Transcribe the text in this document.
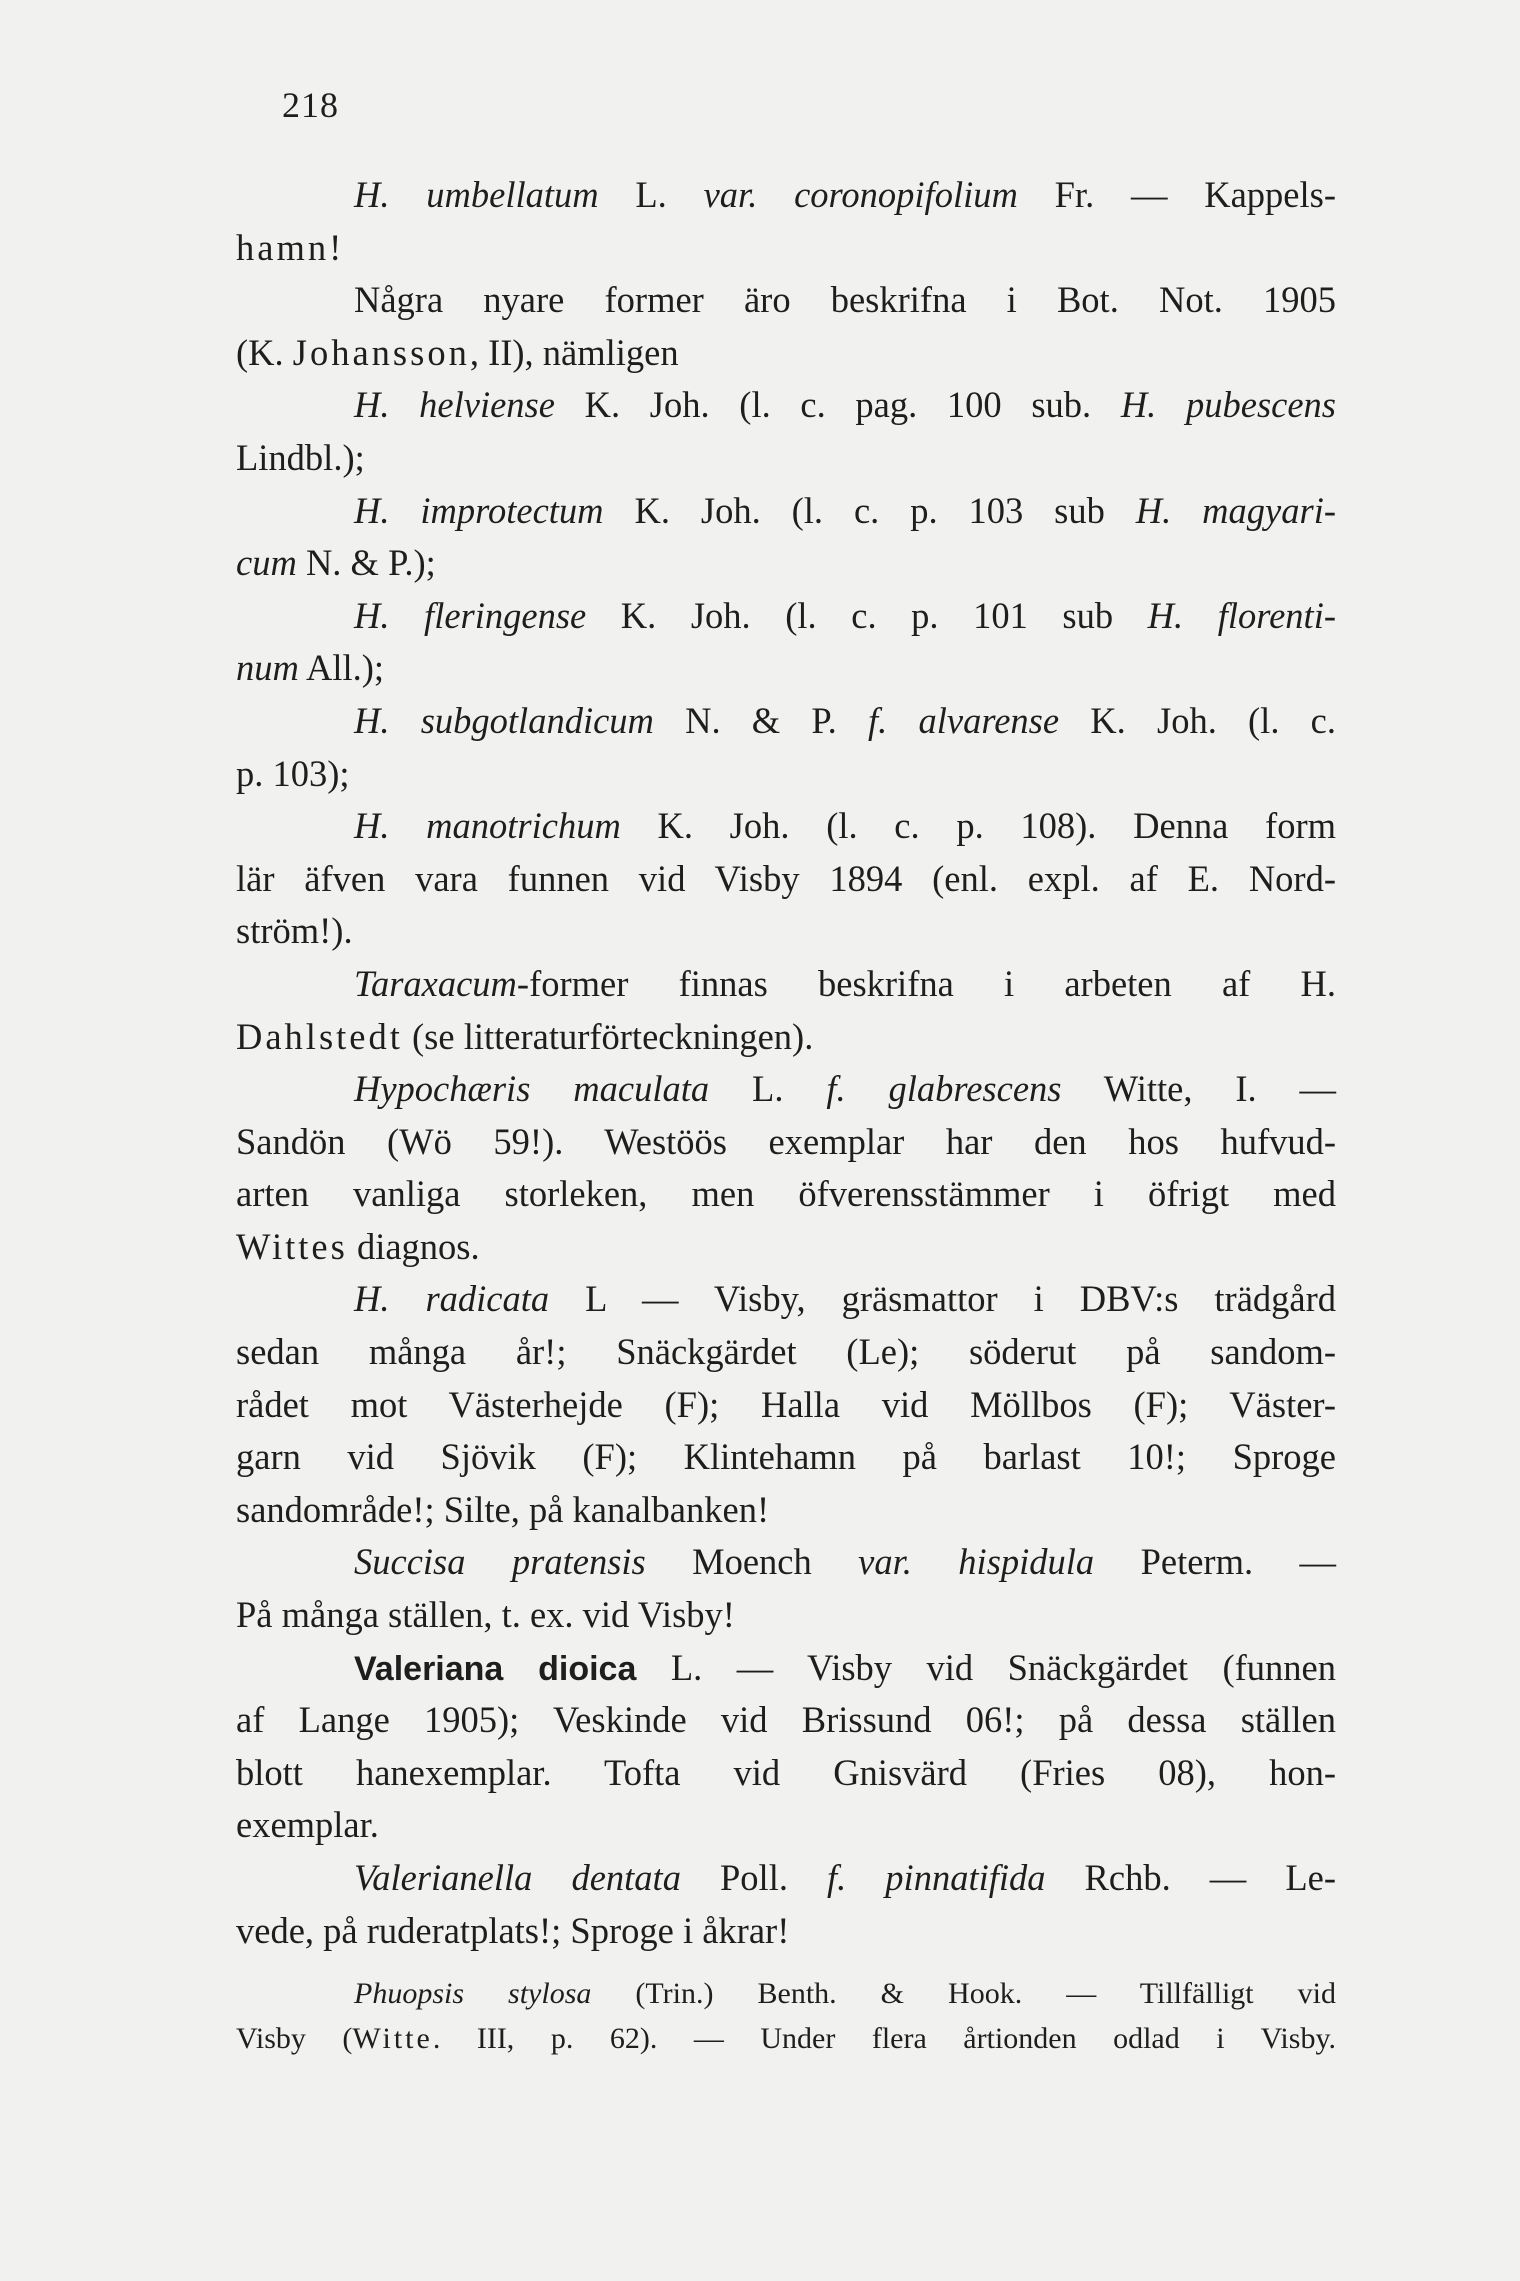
218
H. umbellatum L. var. coronopifolium Fr. — Kappels-
hamn!
Några nyare former äro beskrifna i Bot. Not. 1905
(K. Johansson, II), nämligen
H. helviense K. Joh. (l. c. pag. 100 sub. H. pubescens
Lindbl.);
H. improtectum K. Joh. (l. c. p. 103 sub H. magyari-
cum N. & P.);
H. fleringense K. Joh. (l. c. p. 101 sub H. florenti-
num All.);
H. subgotlandicum N. & P. f. alvarense K. Joh. (l. c.
p. 103);
H. manotrichum K. Joh. (l. c. p. 108). Denna form
lär äfven vara funnen vid Visby 1894 (enl. expl. af E. Nord-
ström!).
Taraxacum-former finnas beskrifna i arbeten af H.
Dahlstedt (se litteraturförteckningen).
Hypochæris maculata L. f. glabrescens Witte, I. —
Sandön (Wö 59!). Westöös exemplar har den hos hufvud-
arten vanliga storleken, men öfverensstämmer i öfrigt med
Wittes diagnos.
H. radicata L — Visby, gräsmattor i DBV:s trädgård
sedan många år!; Snäckgärdet (Le); söderut på sandom-
rådet mot Västerhejde (F); Halla vid Möllbos (F); Väster-
garn vid Sjövik (F); Klintehamn på barlast 10!; Sproge
sandområde!; Silte, på kanalbanken!
Succisa pratensis Moench var. hispidula Peterm. —
På många ställen, t. ex. vid Visby!
Valeriana dioica L. — Visby vid Snäckgärdet (funnen
af Lange 1905); Veskinde vid Brissund 06!; på dessa ställen
blott hanexemplar. Tofta vid Gnisvärd (Fries 08), hon-
exemplar.
Valerianella dentata Poll. f. pinnatifida Rchb. — Le-
vede, på ruderatplats!; Sproge i åkrar!
Phuopsis stylosa (Trin.) Benth. & Hook. — Tillfälligt vid
Visby (Witte. III, p. 62). — Under flera årtionden odlad i Visby.
